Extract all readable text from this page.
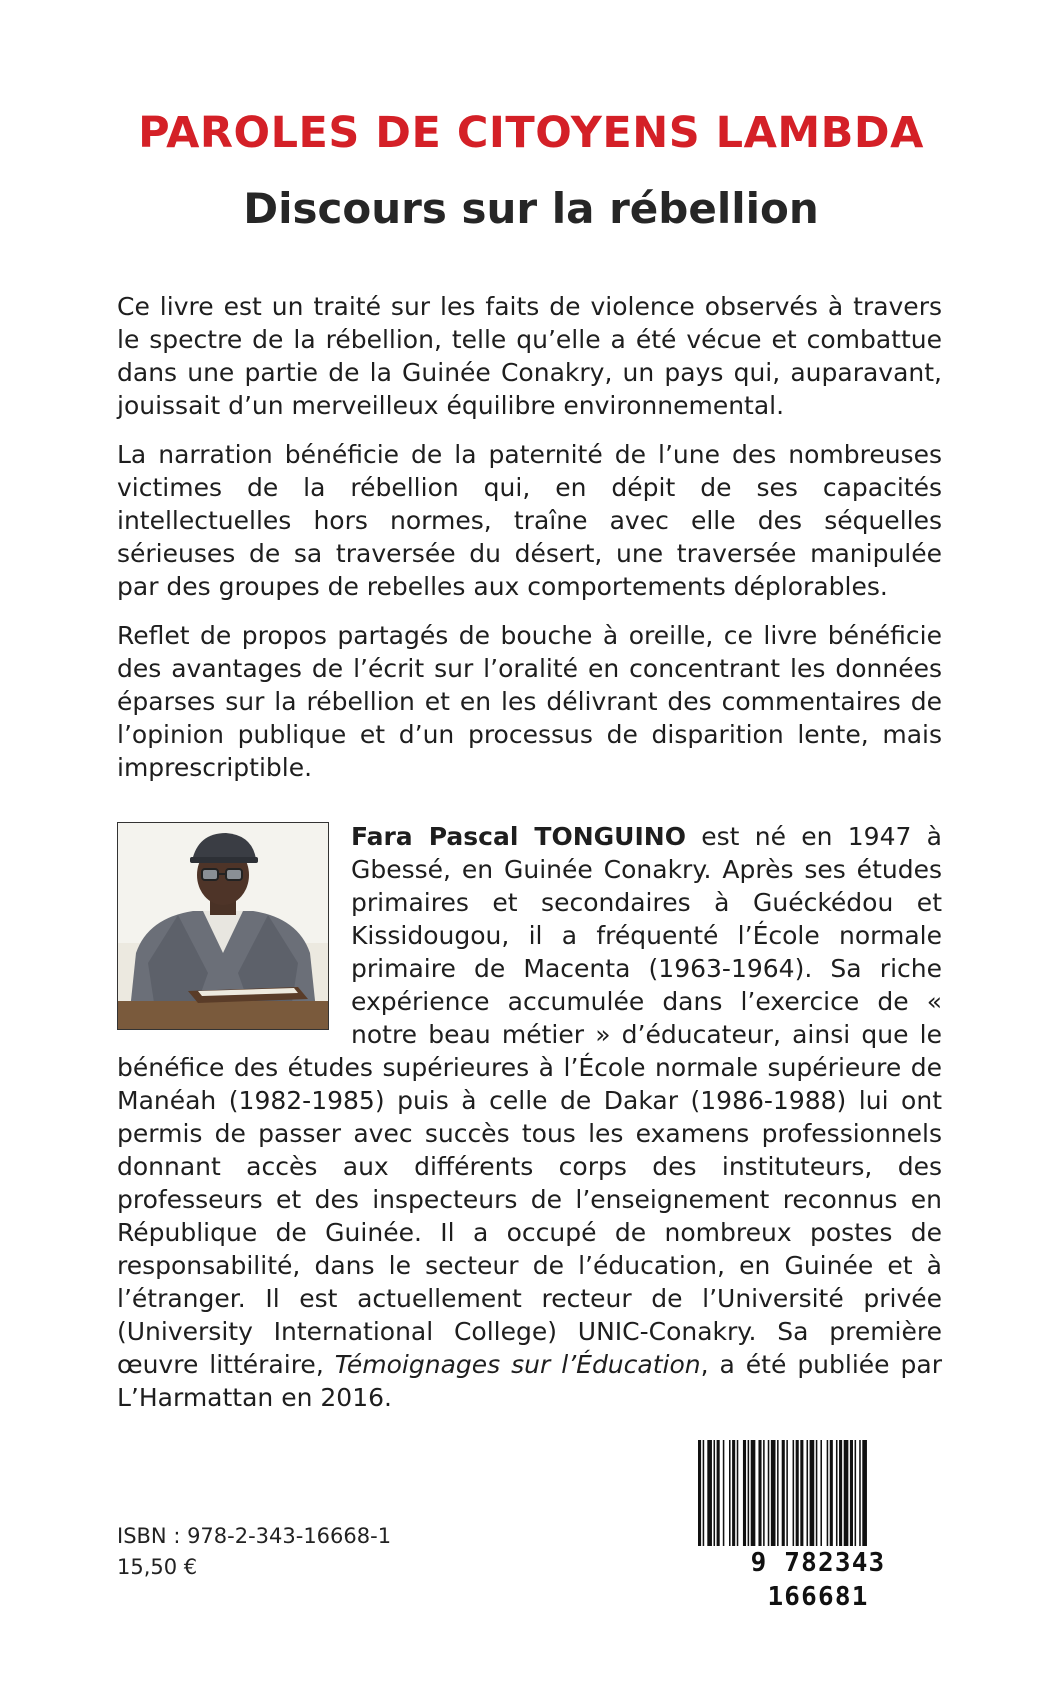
PAROLES DE CITOYENS LAMBDA
Discours sur la rébellion

Ce livre est un traité sur les faits de violence observés à travers le spectre de la rébellion, telle qu’elle a été vécue et combattue dans une partie de la Guinée Conakry, un pays qui, auparavant, jouissait d’un merveilleux équilibre environnemental.

La narration bénéficie de la paternité de l’une des nombreuses victimes de la rébellion qui, en dépit de ses capacités intellectuelles hors normes, traîne avec elle des séquelles sérieuses de sa traversée du désert, une traversée manipulée par des groupes de rebelles aux comportements déplorables.

Reflet de propos partagés de bouche à oreille, ce livre bénéficie des avantages de l’écrit sur l’oralité en concentrant les données éparses sur la rébellion et en les délivrant des commentaires de l’opinion publique et d’un processus de disparition lente, mais imprescriptible.

Fara Pascal TONGUINO est né en 1947 à Gbessé, en Guinée Conakry. Après ses études primaires et secondaires à Guéckédou et Kissidougou, il a fréquenté l’École normale primaire de Macenta (1963-1964). Sa riche expérience accumulée dans l’exercice de « notre beau métier » d’éducateur, ainsi que le bénéfice des études supérieures à l’École normale supérieure de Manéah (1982-1985) puis à celle de Dakar (1986-1988) lui ont permis de passer avec succès tous les examens professionnels donnant accès aux différents corps des instituteurs, des professeurs et des inspecteurs de l’enseignement reconnus en République de Guinée. Il a occupé de nombreux postes de responsabilité, dans le secteur de l’éducation, en Guinée et à l’étranger. Il est actuellement recteur de l’Université privée (University International College) UNIC-Conakry. Sa première œuvre littéraire, Témoignages sur l’Éducation, a été publiée par L’Harmattan en 2016.

ISBN : 978-2-343-16668-1

15,50 €	9 782343 166681
